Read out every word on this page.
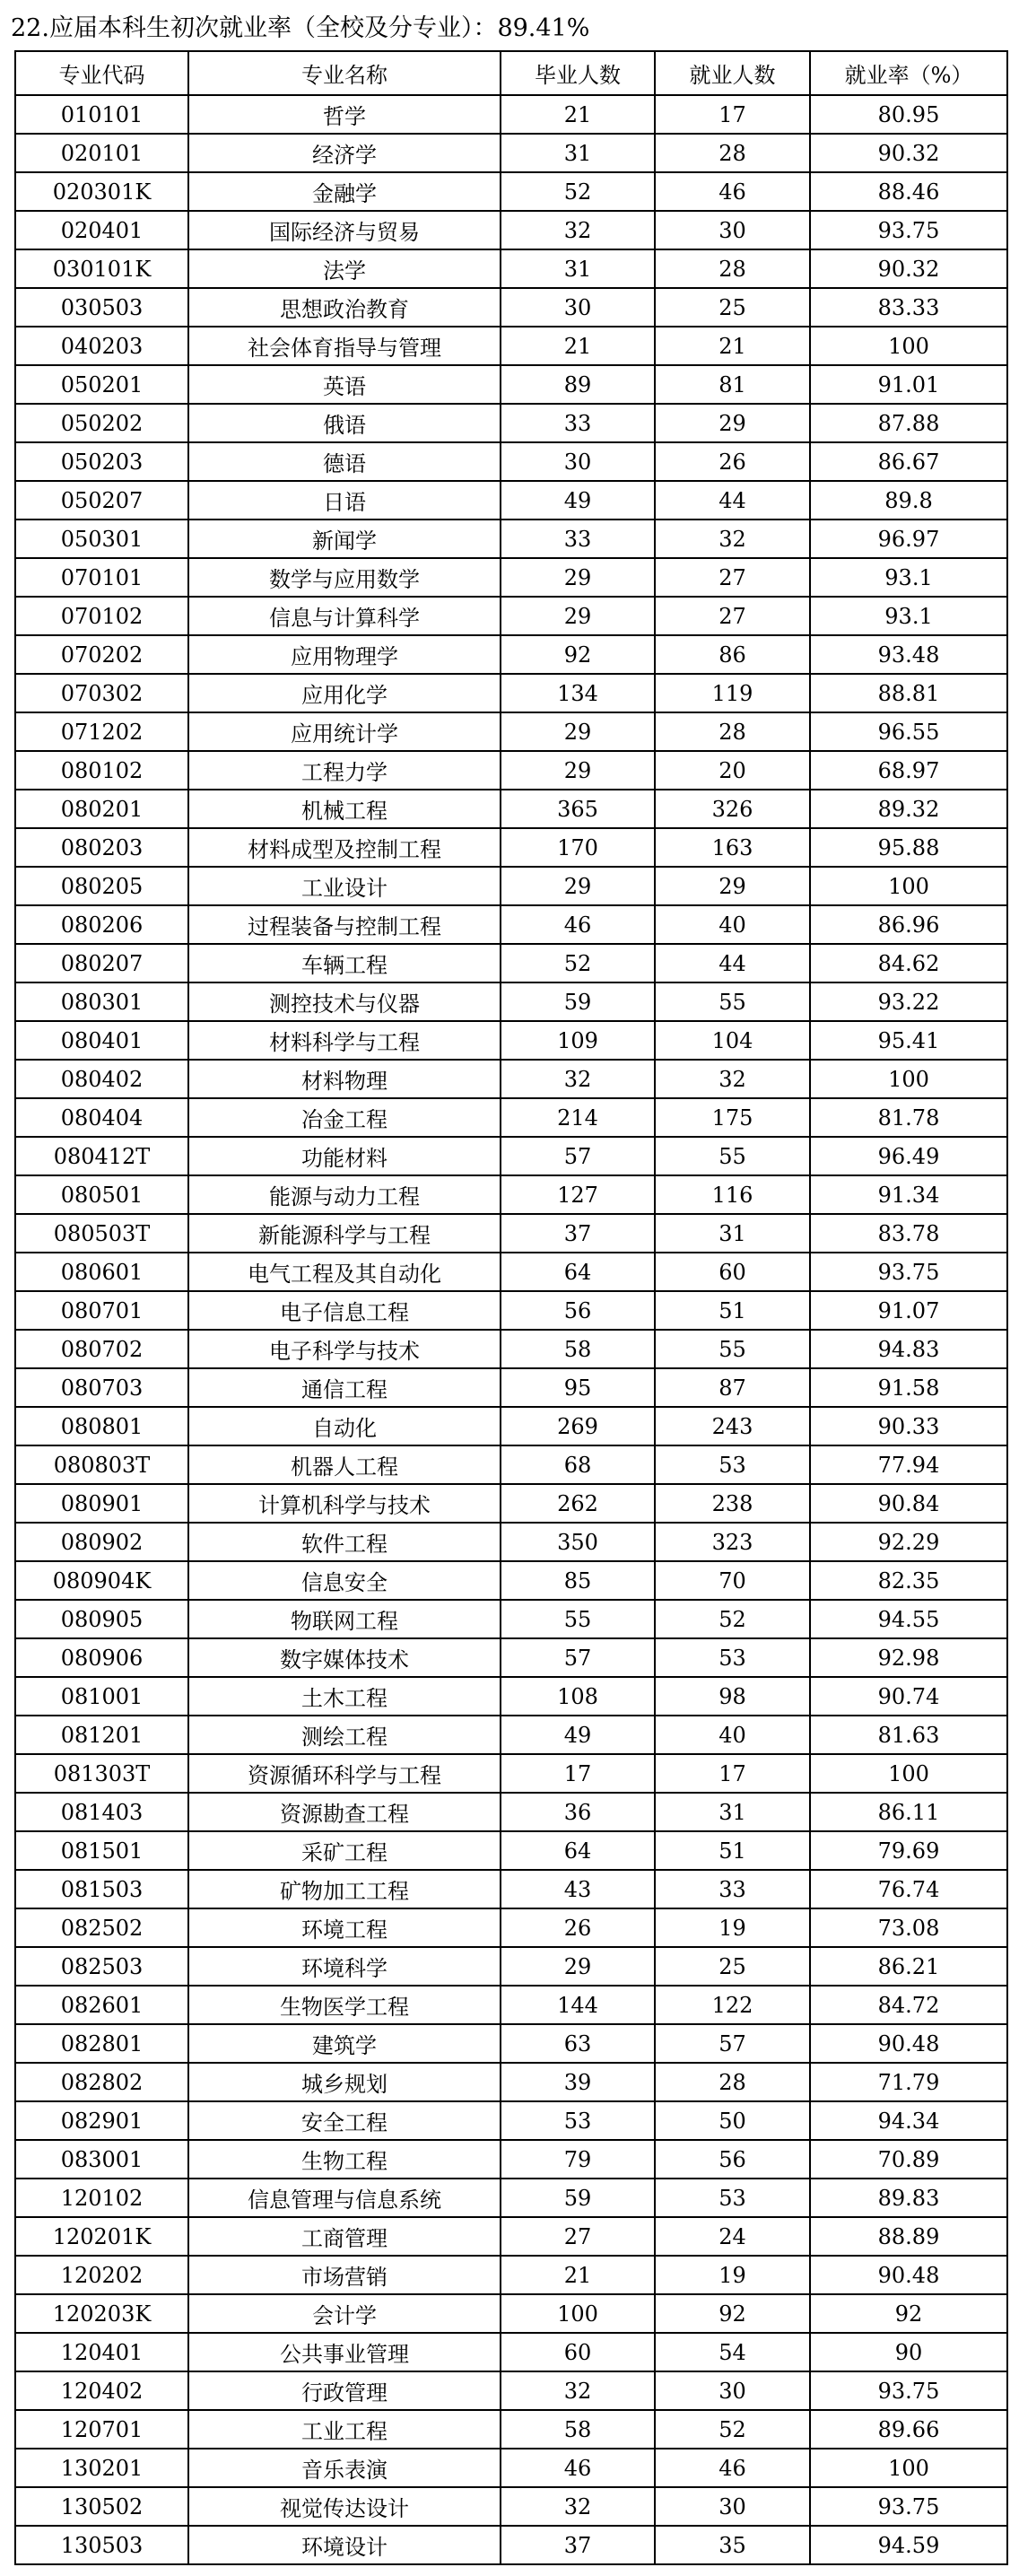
22.应届本科生初次就业率（全校及分专业）：89.41%
专业代码	专业名称	毕业人数	就业人数	就业率（%）
010101	哲学	21	17	80.95
020101	经济学	31	28	90.32
020301K	金融学	52	46	88.46
020401	国际经济与贸易	32	30	93.75
030101K	法学	31	28	90.32
030503	思想政治教育	30	25	83.33
040203	社会体育指导与管理	21	21	100
050201	英语	89	81	91.01
050202	俄语	33	29	87.88
050203	德语	30	26	86.67
050207	日语	49	44	89.8
050301	新闻学	33	32	96.97
070101	数学与应用数学	29	27	93.1
070102	信息与计算科学	29	27	93.1
070202	应用物理学	92	86	93.48
070302	应用化学	134	119	88.81
071202	应用统计学	29	28	96.55
080102	工程力学	29	20	68.97
080201	机械工程	365	326	89.32
080203	材料成型及控制工程	170	163	95.88
080205	工业设计	29	29	100
080206	过程装备与控制工程	46	40	86.96
080207	车辆工程	52	44	84.62
080301	测控技术与仪器	59	55	93.22
080401	材料科学与工程	109	104	95.41
080402	材料物理	32	32	100
080404	冶金工程	214	175	81.78
080412T	功能材料	57	55	96.49
080501	能源与动力工程	127	116	91.34
080503T	新能源科学与工程	37	31	83.78
080601	电气工程及其自动化	64	60	93.75
080701	电子信息工程	56	51	91.07
080702	电子科学与技术	58	55	94.83
080703	通信工程	95	87	91.58
080801	自动化	269	243	90.33
080803T	机器人工程	68	53	77.94
080901	计算机科学与技术	262	238	90.84
080902	软件工程	350	323	92.29
080904K	信息安全	85	70	82.35
080905	物联网工程	55	52	94.55
080906	数字媒体技术	57	53	92.98
081001	土木工程	108	98	90.74
081201	测绘工程	49	40	81.63
081303T	资源循环科学与工程	17	17	100
081403	资源勘查工程	36	31	86.11
081501	采矿工程	64	51	79.69
081503	矿物加工工程	43	33	76.74
082502	环境工程	26	19	73.08
082503	环境科学	29	25	86.21
082601	生物医学工程	144	122	84.72
082801	建筑学	63	57	90.48
082802	城乡规划	39	28	71.79
082901	安全工程	53	50	94.34
083001	生物工程	79	56	70.89
120102	信息管理与信息系统	59	53	89.83
120201K	工商管理	27	24	88.89
120202	市场营销	21	19	90.48
120203K	会计学	100	92	92
120401	公共事业管理	60	54	90
120402	行政管理	32	30	93.75
120701	工业工程	58	52	89.66
130201	音乐表演	46	46	100
130502	视觉传达设计	32	30	93.75
130503	环境设计	37	35	94.59
